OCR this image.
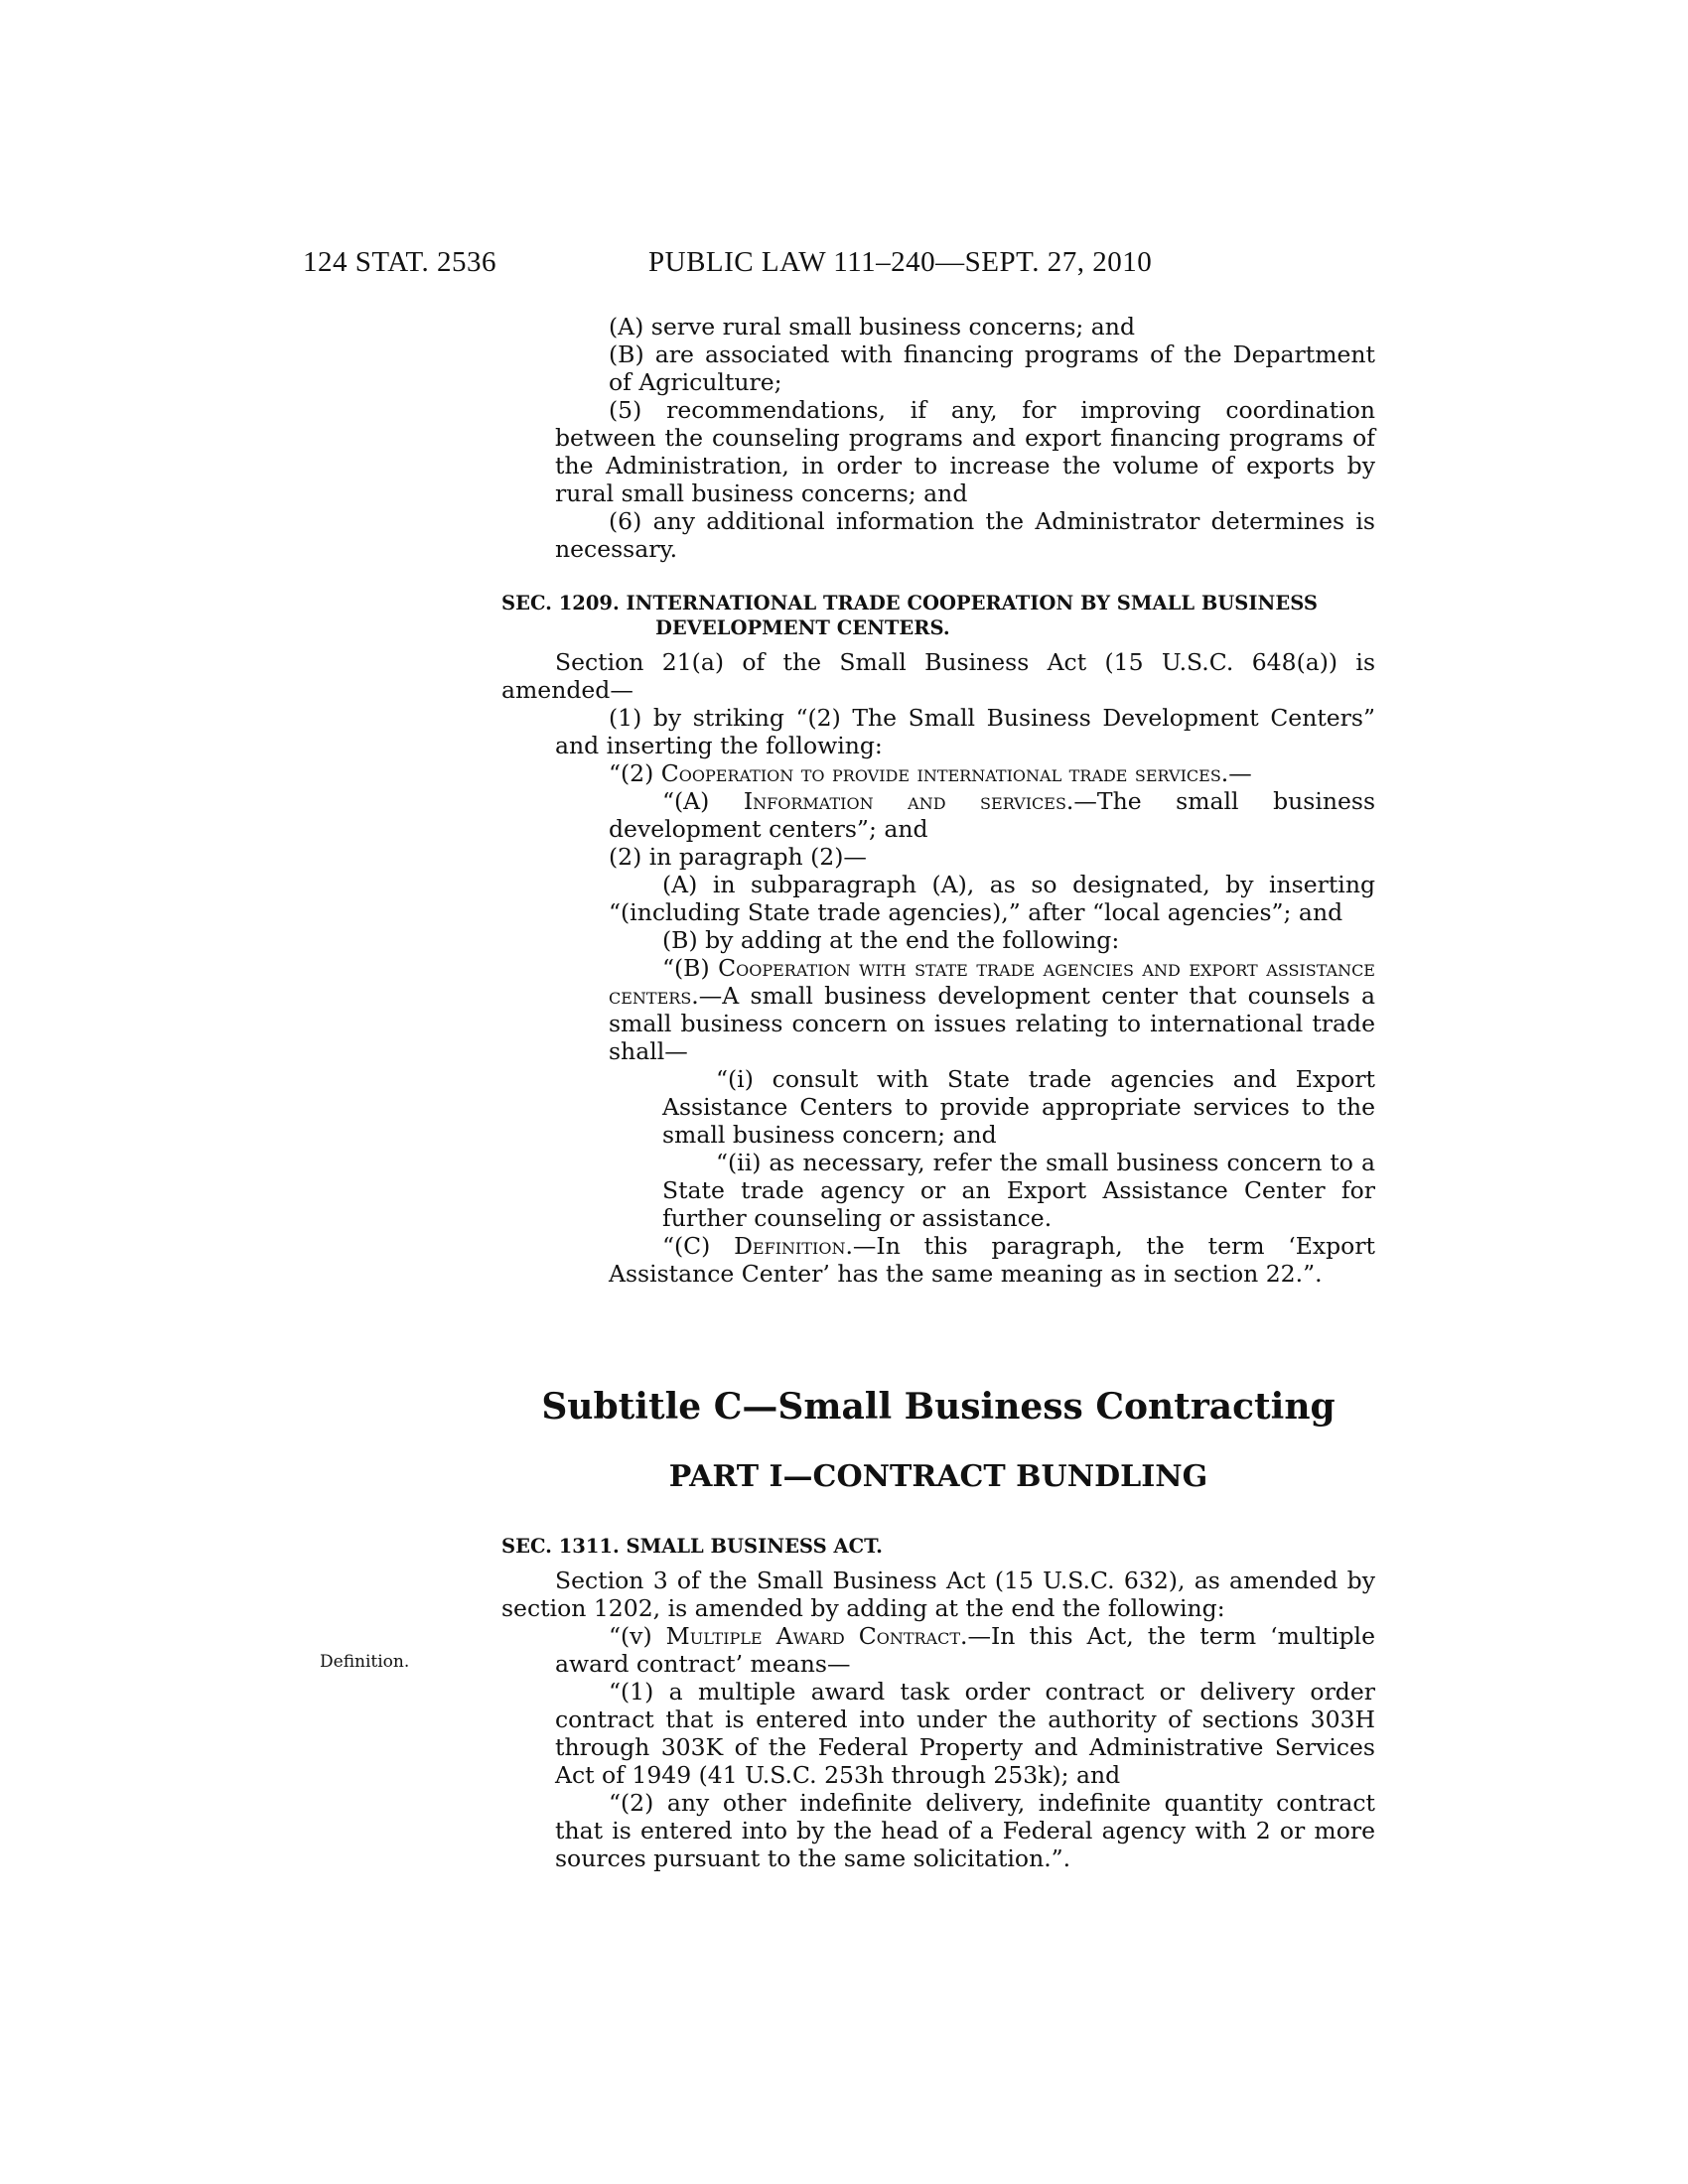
124 STAT. 2536	PUBLIC LAW 111–240—SEPT. 27, 2010

(A) serve rural small business concerns; and

(B) are associated with financing programs of the Department of Agriculture;

(5) recommendations, if any, for improving coordination between the counseling programs and export financing programs of the Administration, in order to increase the volume of exports by rural small business concerns; and

(6) any additional information the Administrator determines is necessary.

SEC. 1209. INTERNATIONAL TRADE COOPERATION BY SMALL BUSINESS
DEVELOPMENT CENTERS.

Section 21(a) of the Small Business Act (15 U.S.C. 648(a)) is amended—

(1) by striking “(2) The Small Business Development Centers” and inserting the following:

“(2) Cooperation to provide international trade services.—

“(A) Information and services.—The small business development centers”; and

(2) in paragraph (2)—

(A) in subparagraph (A), as so designated, by inserting “(including State trade agencies),” after “local agencies”; and

(B) by adding at the end the following:

“(B) Cooperation with state trade agencies and export assistance centers.—A small business development center that counsels a small business concern on issues relating to international trade shall—

“(i) consult with State trade agencies and Export Assistance Centers to provide appropriate services to the small business concern; and

“(ii) as necessary, refer the small business concern to a State trade agency or an Export Assistance Center for further counseling or assistance.

“(C) Definition.—In this paragraph, the term ‘Export Assistance Center’ has the same meaning as in section 22.”.

Subtitle C—Small Business Contracting
PART I—CONTRACT BUNDLING
SEC. 1311. SMALL BUSINESS ACT.

Section 3 of the Small Business Act (15 U.S.C. 632), as amended by section 1202, is amended by adding at the end the following:

“(v) Multiple Award Contract.—In this Act, the term ‘multiple award contract’ means—

“(1) a multiple award task order contract or delivery order contract that is entered into under the authority of sections 303H through 303K of the Federal Property and Administrative Services Act of 1949 (41 U.S.C. 253h through 253k); and

“(2) any other indefinite delivery, indefinite quantity contract that is entered into by the head of a Federal agency with 2 or more sources pursuant to the same solicitation.”.

Definition.
